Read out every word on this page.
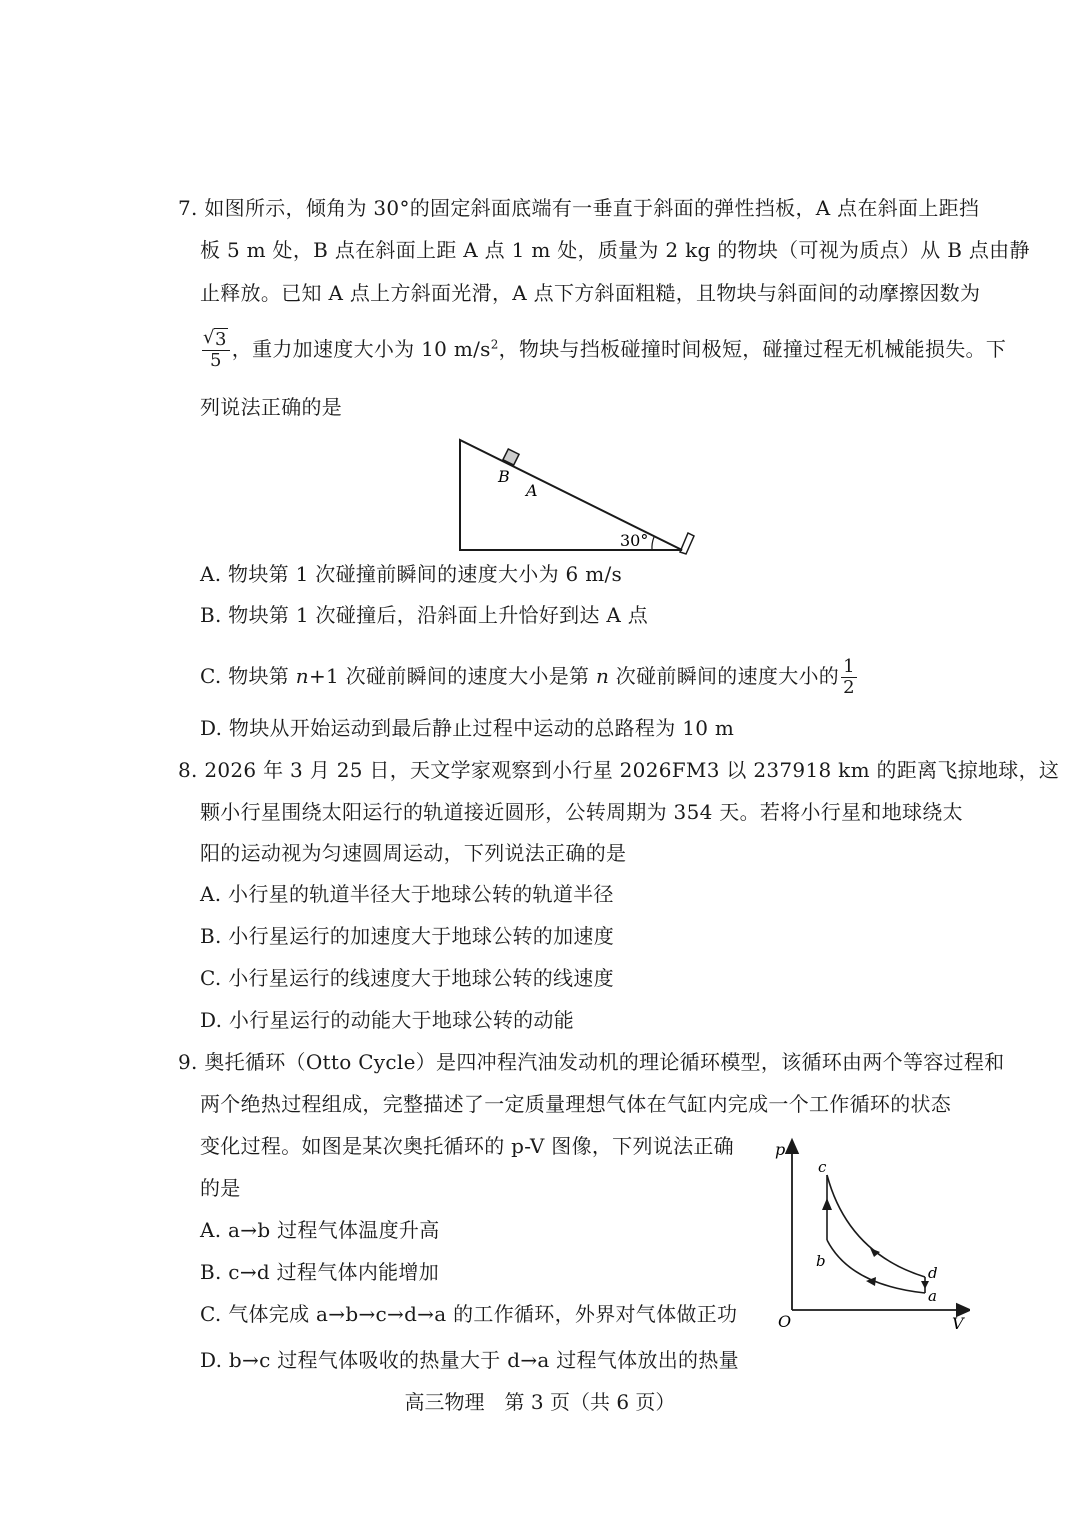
7. 如图所示，倾角为 30°的固定斜面底端有一垂直于斜面的弹性挡板，A 点在斜面上距挡
板 5 m 处，B 点在斜面上距 A 点 1 m 处，质量为 2 kg 的物块（可视为质点）从 B 点由静
止释放。已知 A 点上方斜面光滑，A 点下方斜面粗糙，且物块与斜面间的动摩擦因数为
√ $\frac{3}{5}$ ，重力加速度大小为 10 $m/s^2$，物块与挡板碰撞时间极短，碰撞过程无机械能损失。下
列说法正确的是
B
A
30°
A. 物块第 1 次碰撞前瞬间的速度大小为 6 m/s
B. 物块第 1 次碰撞后，沿斜面上升恰好到达 A 点
C. 物块第 n+1 次碰前瞬间的速度大小是第 n 次碰前瞬间的速度大小的 $\frac{1}{2}$
D. 物块从开始运动到最后静止过程中运动的总路程为 10 m
8. 2026 年 3 月 25 日，天文学家观察到小行星 2026FM3 以 237918 km 的距离飞掠地球，这
颗小行星围绕太阳运行的轨道接近圆形，公转周期为 354 天。若将小行星和地球绕太
阳的运动视为匀速圆周运动，下列说法正确的是
A. 小行星的轨道半径大于地球公转的轨道半径
B. 小行星运行的加速度大于地球公转的加速度
C. 小行星运行的线速度大于地球公转的线速度
D. 小行星运行的动能大于地球公转的动能
9. 奥托循环（Otto Cycle）是四冲程汽油发动机的理论循环模型，该循环由两个等容过程和
两个绝热过程组成，完整描述了一定质量理想气体在气缸内完成一个工作循环的状态
变化过程。如图是某次奥托循环的 p-V 图像，下列说法正确
的是
A. a→b 过程气体温度升高
B. c→d 过程气体内能增加
C. 气体完成 a→b→c→d→a 的工作循环，外界对气体做正功
D. b→c 过程气体吸收的热量大于 d→a 过程气体放出的热量
p
V
O
c
b
d
a
高三物理　第 3 页（共 6 页）
